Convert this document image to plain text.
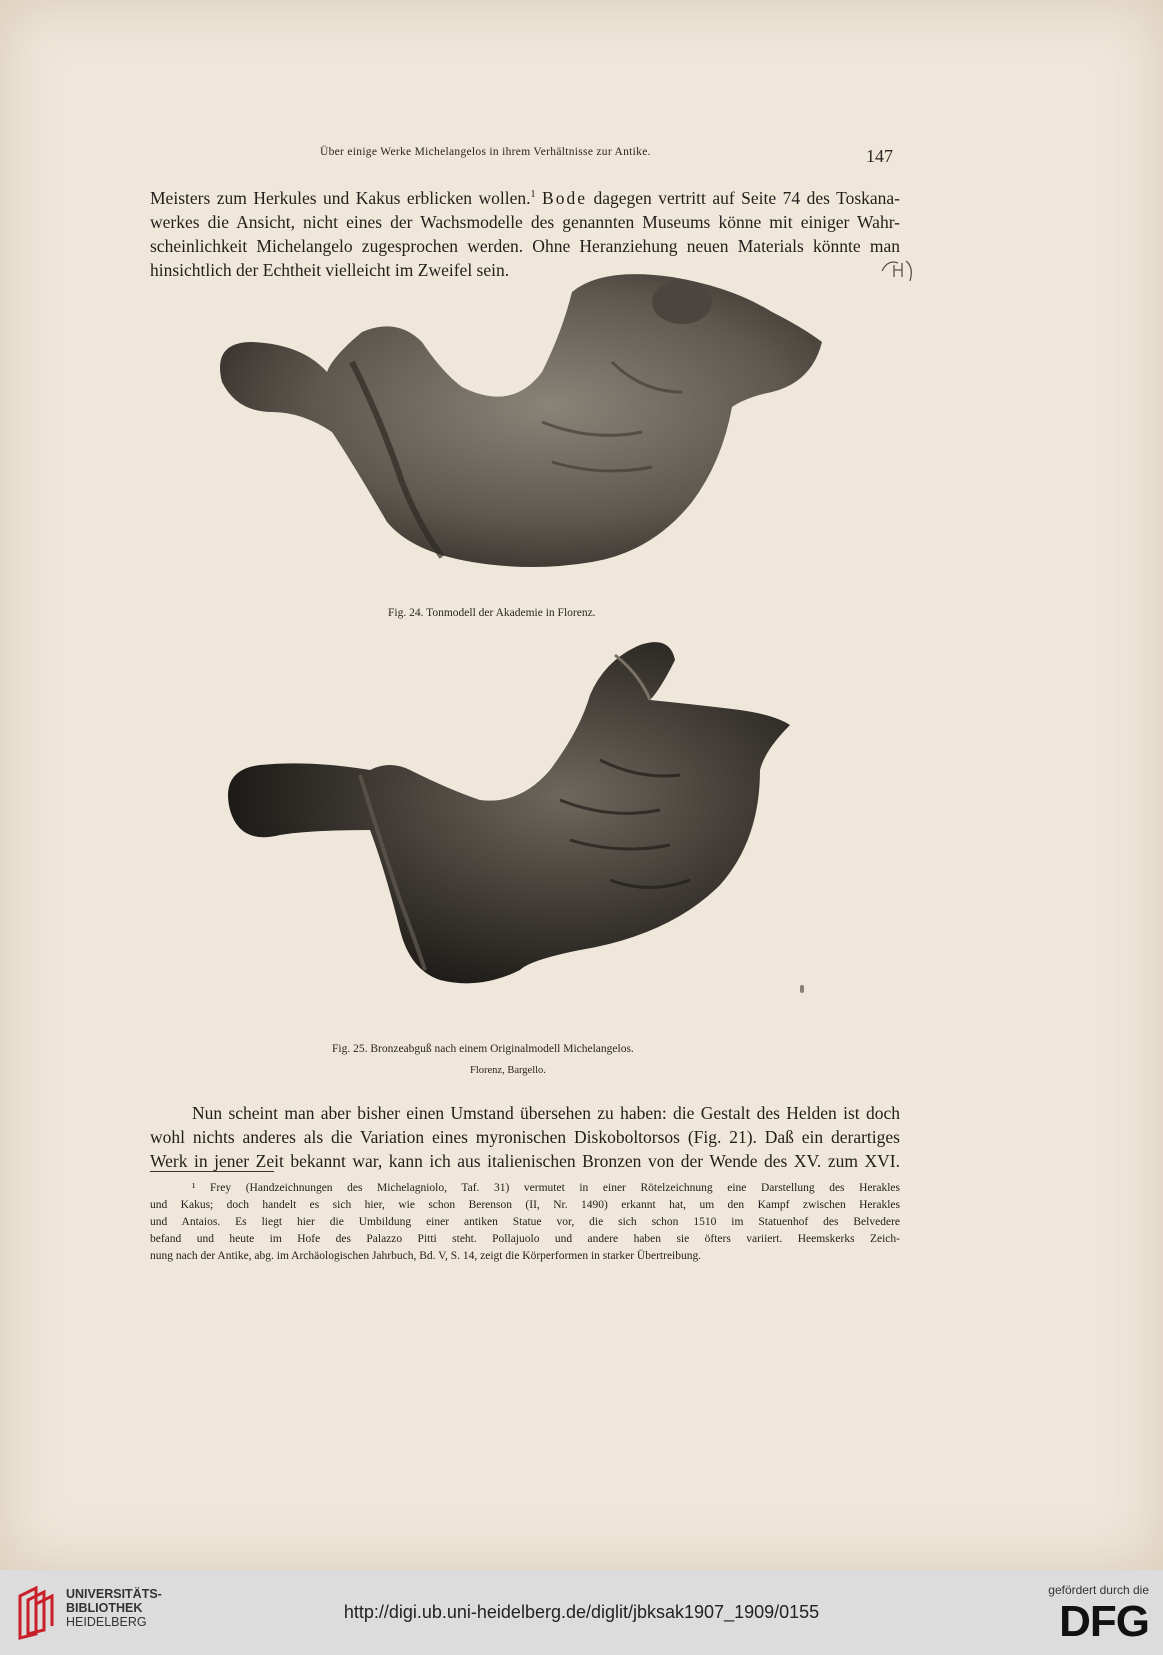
Über einige Werke Michelangelos in ihrem Verhältnisse zur Antike.	147
Meisters zum Herkules und Kakus erblicken wollen.$^1$ Bode dagegen vertritt auf Seite 74 des Toskana-
werkes die Ansicht, nicht eines der Wachsmodelle des genannten Museums könne mit einiger Wahr-
scheinlichkeit Michelangelo zugesprochen werden. Ohne Heranziehung neuen Materials könnte man
hinsichtlich der Echtheit vielleicht im Zweifel sein.
Fig. 24. Tonmodell der Akademie in Florenz.
Fig. 25. Bronzeabguß nach einem Originalmodell Michelangelos.
Florenz, Bargello.
Nun scheint man aber bisher einen Umstand übersehen zu haben: die Gestalt des Helden ist doch
wohl nichts anderes als die Variation eines myronischen Diskoboltorsos (Fig. 21). Daß ein derartiges
Werk in jener Zeit bekannt war, kann ich aus italienischen Bronzen von der Wende des XV. zum XVI.
¹ Frey (Handzeichnungen des Michelagniolo, Taf. 31) vermutet in einer Rötelzeichnung eine Darstellung des Herakles
und Kakus; doch handelt es sich hier, wie schon Berenson (II, Nr. 1490) erkannt hat, um den Kampf zwischen Herakles
und Antaios. Es liegt hier die Umbildung einer antiken Statue vor, die sich schon 1510 im Statuenhof des Belvedere
befand und heute im Hofe des Palazzo Pitti steht. Pollajuolo und andere haben sie öfters variiert. Heemskerks Zeich-
nung nach der Antike, abg. im Archäologischen Jahrbuch, Bd. V, S. 14, zeigt die Körperformen in starker Übertreibung.
UNIVERSITÄTS-
BIBLIOTHEK
HEIDELBERG	http://digi.ub.uni-heidelberg.de/diglit/jbksak1907_1909/0155
gefördert durch die
DFG
